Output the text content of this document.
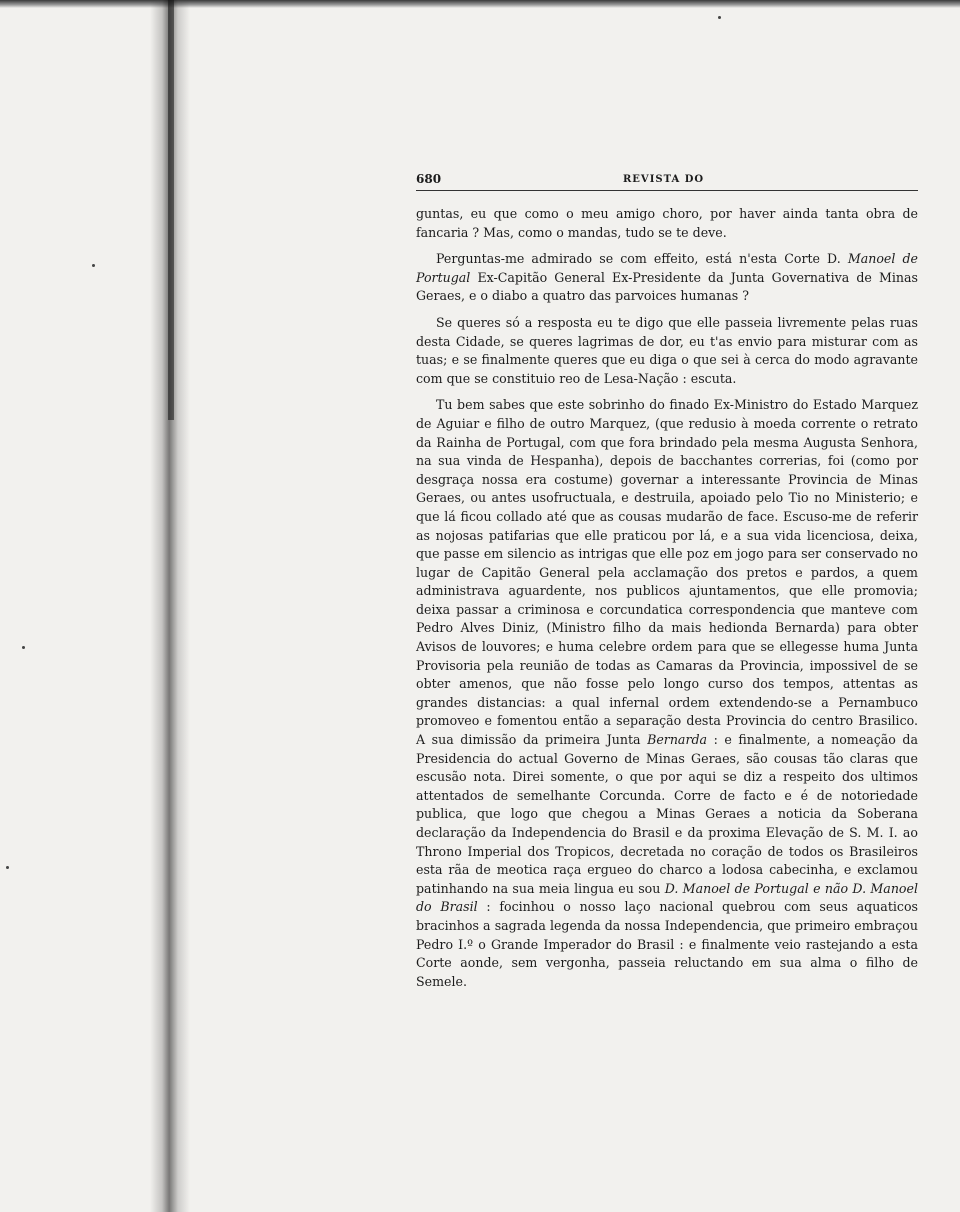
680	REVISTA DO

guntas, eu que como o meu amigo choro, por haver ainda tanta obra de fancaria ? Mas, como o mandas, tudo se te deve.

Perguntas-me admirado se com effeito, está n'esta Corte D. Manoel de Portugal Ex-Capitão General Ex-Presidente da Junta Governativa de Minas Geraes, e o diabo a quatro das parvoices humanas ?

Se queres só a resposta eu te digo que elle passeia livremente pelas ruas desta Cidade, se queres lagrimas de dor, eu t'as envio para misturar com as tuas; e se finalmente queres que eu diga o que sei à cerca do modo agravante com que se constituio reo de Lesa-Nação : escuta.

Tu bem sabes que este sobrinho do finado Ex-Ministro do Estado Marquez de Aguiar e filho de outro Marquez, (que redusio à moeda corrente o retrato da Rainha de Portugal, com que fora brindado pela mesma Augusta Senhora, na sua vinda de Hespanha), depois de bacchantes correrias, foi (como por desgraça nossa era costume) governar a interessante Provincia de Minas Geraes, ou antes usofructuala, e destruila, apoiado pelo Tio no Ministerio; e que lá ficou collado até que as cousas mudarão de face. Escuso-me de referir as nojosas patifarias que elle praticou por lá, e a sua vida licenciosa, deixa, que passe em silencio as intrigas que elle poz em jogo para ser conservado no lugar de Capitão General pela acclamação dos pretos e pardos, a quem administrava aguardente, nos publicos ajuntamentos, que elle promovia; deixa passar a criminosa e corcundatica correspondencia que manteve com Pedro Alves Diniz, (Ministro filho da mais hedionda Bernarda) para obter Avisos de louvores; e huma celebre ordem para que se ellegesse huma Junta Provisoria pela reunião de todas as Camaras da Provincia, impossivel de se obter amenos, que não fosse pelo longo curso dos tempos, attentas as grandes distancias: a qual infernal ordem extendendo-se a Pernambuco promoveo e fomentou então a separação desta Provincia do centro Brasilico. A sua dimissão da primeira Junta Bernarda : e finalmente, a nomeação da Presidencia do actual Governo de Minas Geraes, são cousas tão claras que escusão nota. Direi somente, o que por aqui se diz a respeito dos ultimos attentados de semelhante Corcunda. Corre de facto e é de notoriedade publica, que logo que chegou a Minas Geraes a noticia da Soberana declaração da Independencia do Brasil e da proxima Elevação de S. M. I. ao Throno Imperial dos Tropicos, decretada no coração de todos os Brasileiros esta rãa de meotica raça ergueo do charco a lodosa cabecinha, e exclamou patinhando na sua meia lingua eu sou D. Manoel de Portugal e não D. Manoel do Brasil : focinhou o nosso laço nacional quebrou com seus aquaticos bracinhos a sagrada legenda da nossa Independencia, que primeiro embraçou Pedro I.º o Grande Imperador do Brasil : e finalmente veio rastejando a esta Corte aonde, sem vergonha, passeia reluctando em sua alma o filho de Semele.
